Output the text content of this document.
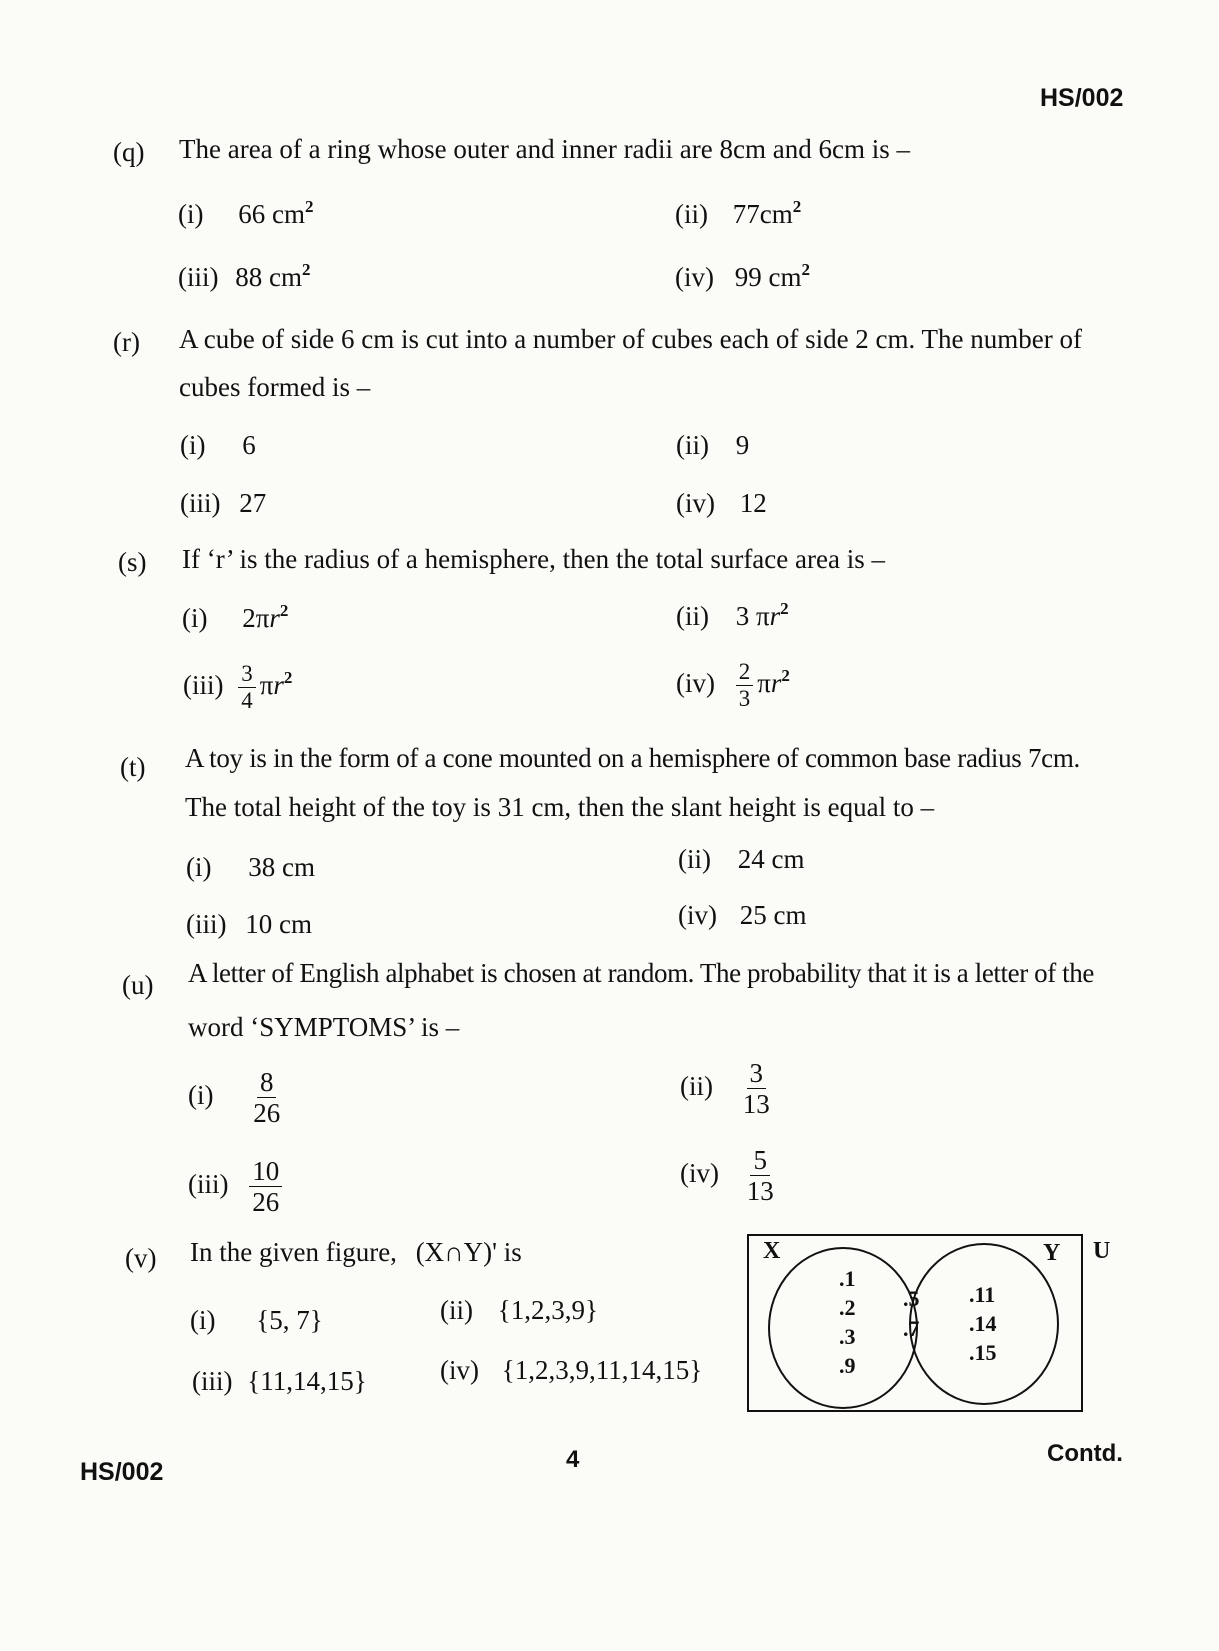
HS/002
(q) The area of a ring whose outer and inner radii are 8cm and 6cm is –
(i) 66 $cm^2$	(ii) $77cm^2$
(iii) 88 $cm^2$	(iv) 99 $cm^2$
(r) A cube of side 6 cm is cut into a number of cubes each of side 2 cm. The number of
cubes formed is –
(i) 6	(ii) 9
(iii) 27	(iv) 12
(s) If ‘r’ is the radius of a hemisphere, then the total surface area is –
(i) $2\pi r^2$	(ii) 3 $\pi r^2$
$(iii) \frac{3}{4} \pi r^2$	$(iv) \frac{2}{3} \pi r^2$
(t) A toy is in the form of a cone mounted on a hemisphere of common base radius 7cm.
The total height of the toy is 31 cm, then the slant height is equal to –
(i) 38 cm	(ii) 24 cm
(iii) 10 cm	(iv) 25 cm
(u) A letter of English alphabet is chosen at random. The probability that it is a letter of the
word ‘SYMPTOMS’ is –
$(i) \frac{8}{26}$	$(ii) \frac{3}{13}$
$(iii) \frac{10}{26}$	$(iv) \frac{5}{13}$
(v) In the given figure, (X∩Y)' is
(i) {5, 7}	(ii) {1,2,3,9}
(iii) {11,14,15}	(iv) {1,2,3,9,11,14,15}
X	Y U
.1
.2
.3
.9
.5
.7
.11
.14
.15
HS/002	4	Contd.
